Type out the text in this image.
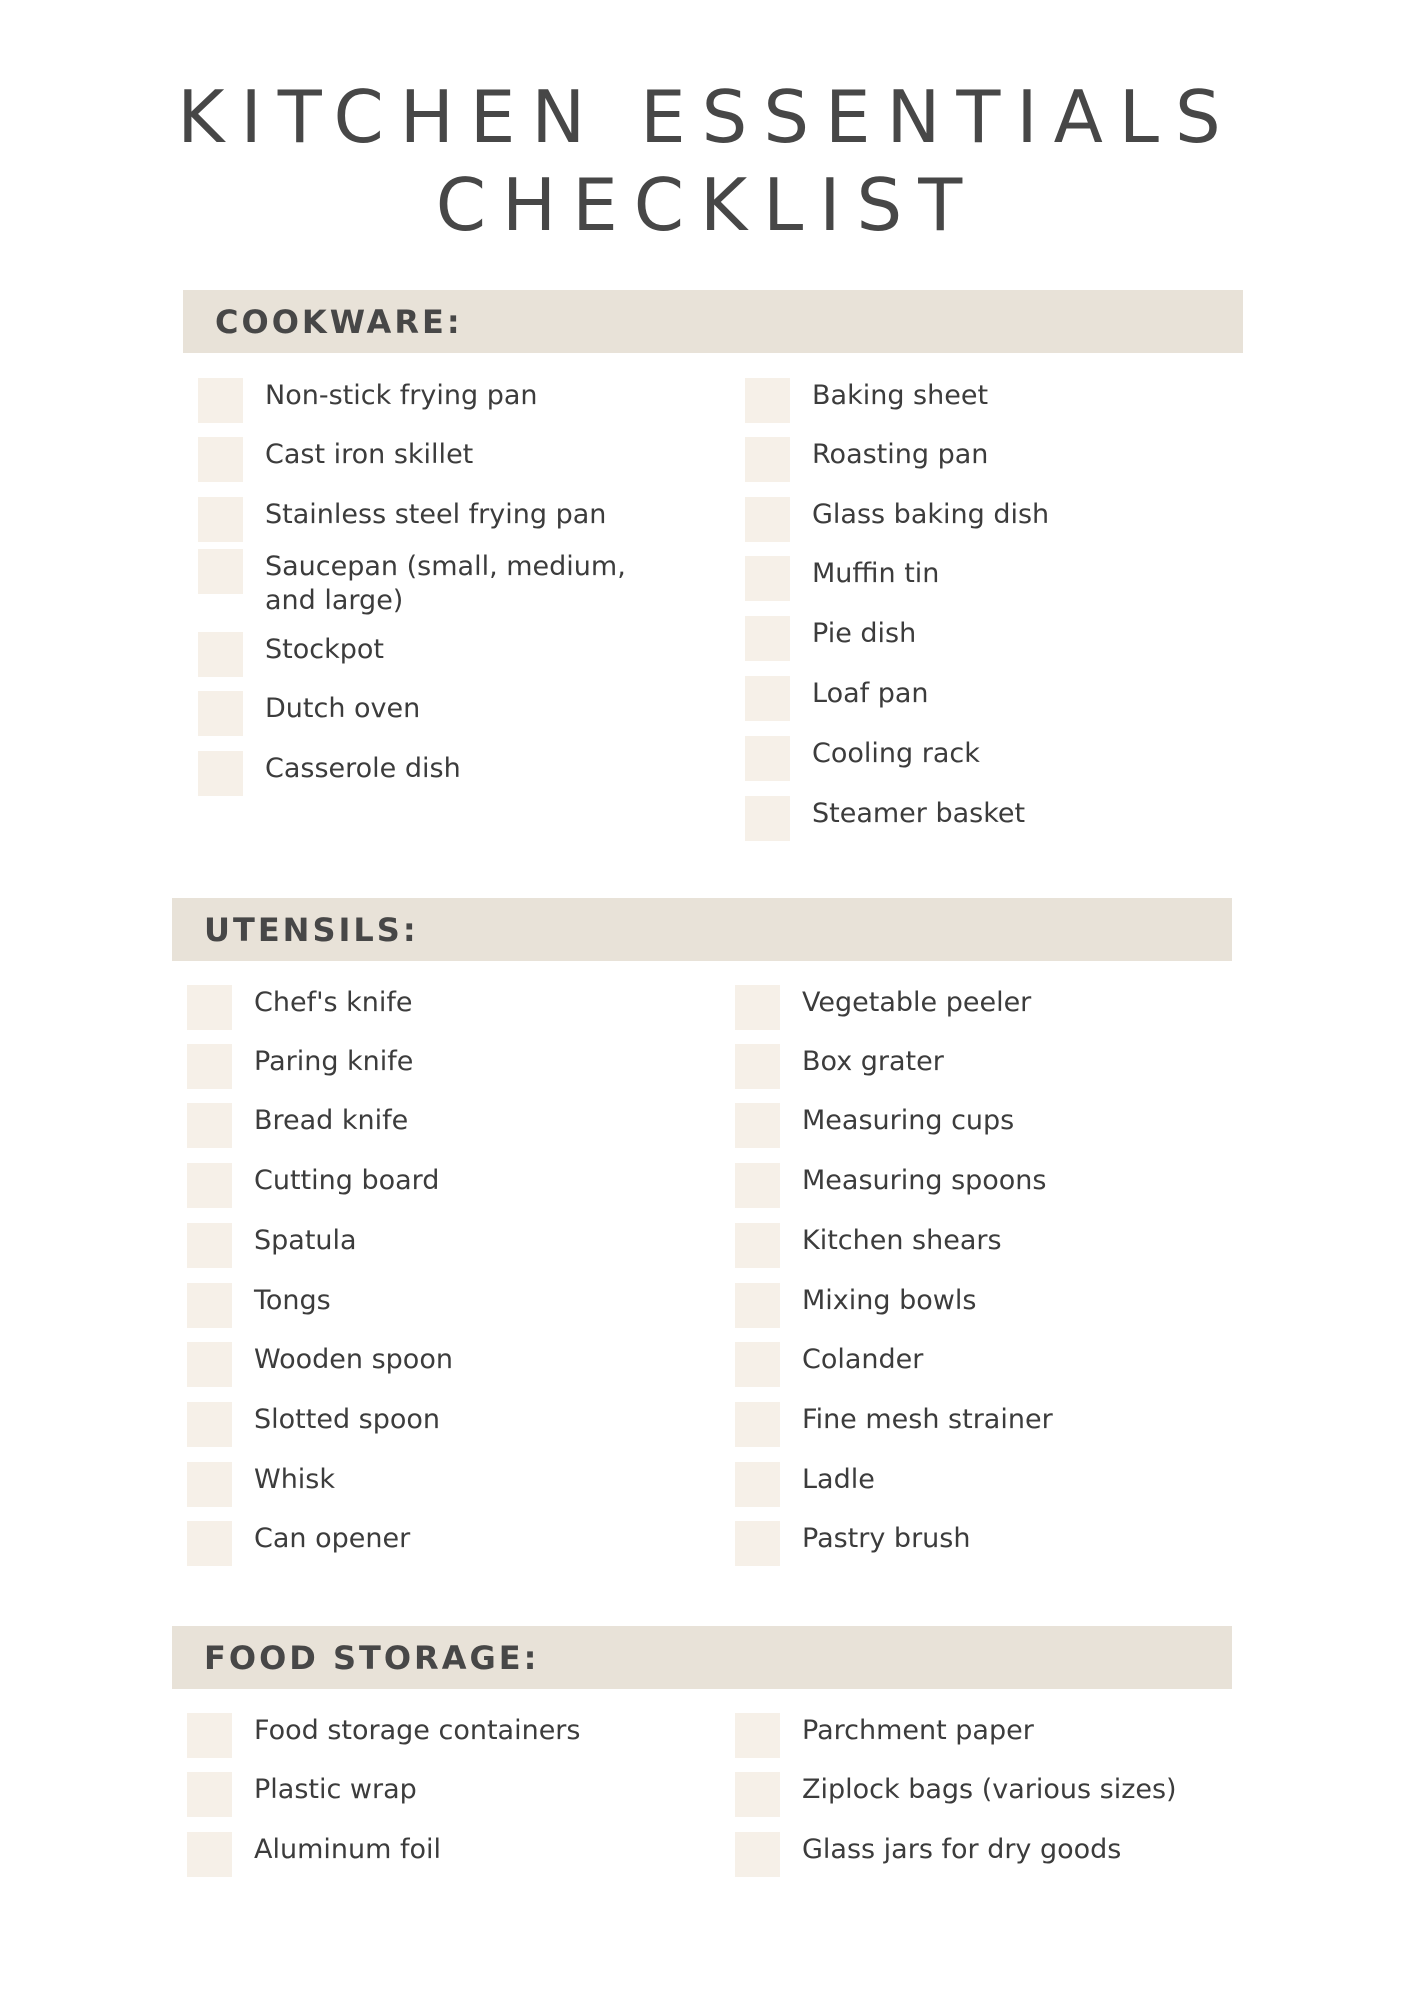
KITCHEN ESSENTIALS
CHECKLIST
COOKWARE:
Non-stick frying pan
Cast iron skillet
Stainless steel frying pan
Saucepan (small, medium, and large)
Stockpot
Dutch oven
Casserole dish
Baking sheet
Roasting pan
Glass baking dish
Muffin tin
Pie dish
Loaf pan
Cooling rack
Steamer basket
UTENSILS:
Chef's knife
Paring knife
Bread knife
Cutting board
Spatula
Tongs
Wooden spoon
Slotted spoon
Whisk
Can opener
Vegetable peeler
Box grater
Measuring cups
Measuring spoons
Kitchen shears
Mixing bowls
Colander
Fine mesh strainer
Ladle
Pastry brush
FOOD STORAGE:
Food storage containers
Plastic wrap
Aluminum foil
Parchment paper
Ziplock bags (various sizes)
Glass jars for dry goods
